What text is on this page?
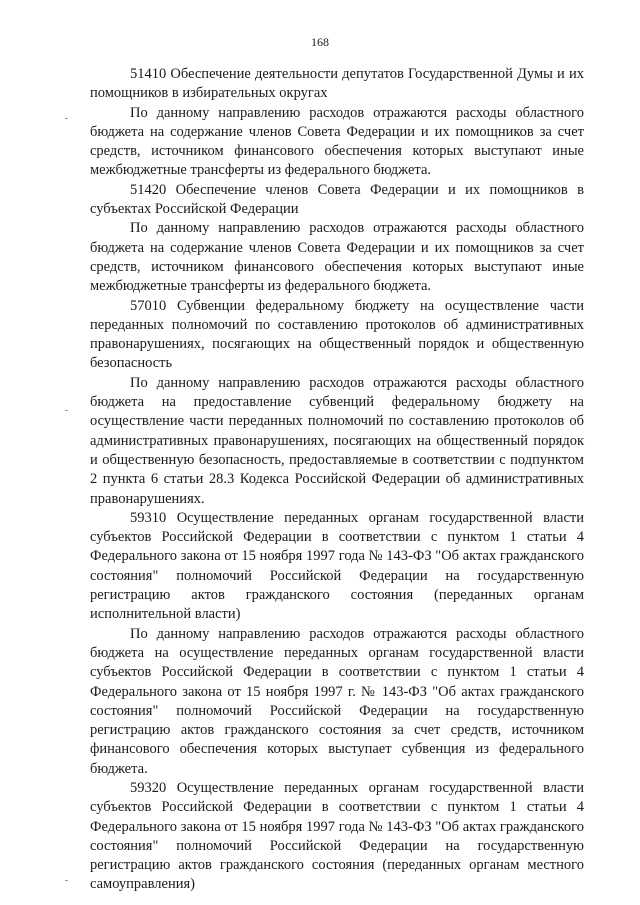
168

51410 Обеспечение деятельности депутатов Государственной Думы и их помощников в избирательных округах

По данному направлению расходов отражаются расходы областного бюджета на содержание членов Совета Федерации и их помощников за счет средств, источником финансового обеспечения которых выступают иные межбюджетные трансферты из федерального бюджета.

51420 Обеспечение членов Совета Федерации и их помощников в субъектах Российской Федерации

По данному направлению расходов отражаются расходы областного бюджета на содержание членов Совета Федерации и их помощников за счет средств, источником финансового обеспечения которых выступают иные межбюджетные трансферты из федерального бюджета.

57010 Субвенции федеральному бюджету на осуществление части переданных полномочий по составлению протоколов об административных правонарушениях, посягающих на общественный порядок и общественную безопасность

По данному направлению расходов отражаются расходы областного бюджета на предоставление субвенций федеральному бюджету на осуществление части переданных полномочий по составлению протоколов об административных правонарушениях, посягающих на общественный порядок и общественную безопасность, предоставляемые в соответствии с подпунктом 2 пункта 6 статьи 28.3 Кодекса Российской Федерации об административных правонарушениях.

59310 Осуществление переданных органам государственной власти субъектов Российской Федерации в соответствии с пунктом 1 статьи 4 Федерального закона от 15 ноября 1997 года № 143-ФЗ "Об актах гражданского состояния" полномочий Российской Федерации на государственную регистрацию актов гражданского состояния (переданных органам исполнительной власти)

По данному направлению расходов отражаются расходы областного бюджета на осуществление переданных органам государственной власти субъектов Российской Федерации в соответствии с пунктом 1 статьи 4 Федерального закона от 15 ноября 1997 г. № 143-ФЗ "Об актах гражданского состояния" полномочий Российской Федерации на государственную регистрацию актов гражданского состояния за счет средств, источником финансового обеспечения которых выступает субвенция из федерального бюджета.

59320 Осуществление переданных органам государственной власти субъектов Российской Федерации в соответствии с пунктом 1 статьи 4 Федерального закона от 15 ноября 1997 года № 143-ФЗ "Об актах гражданского состояния" полномочий Российской Федерации на государственную регистрацию актов гражданского состояния (переданных органам местного самоуправления)
